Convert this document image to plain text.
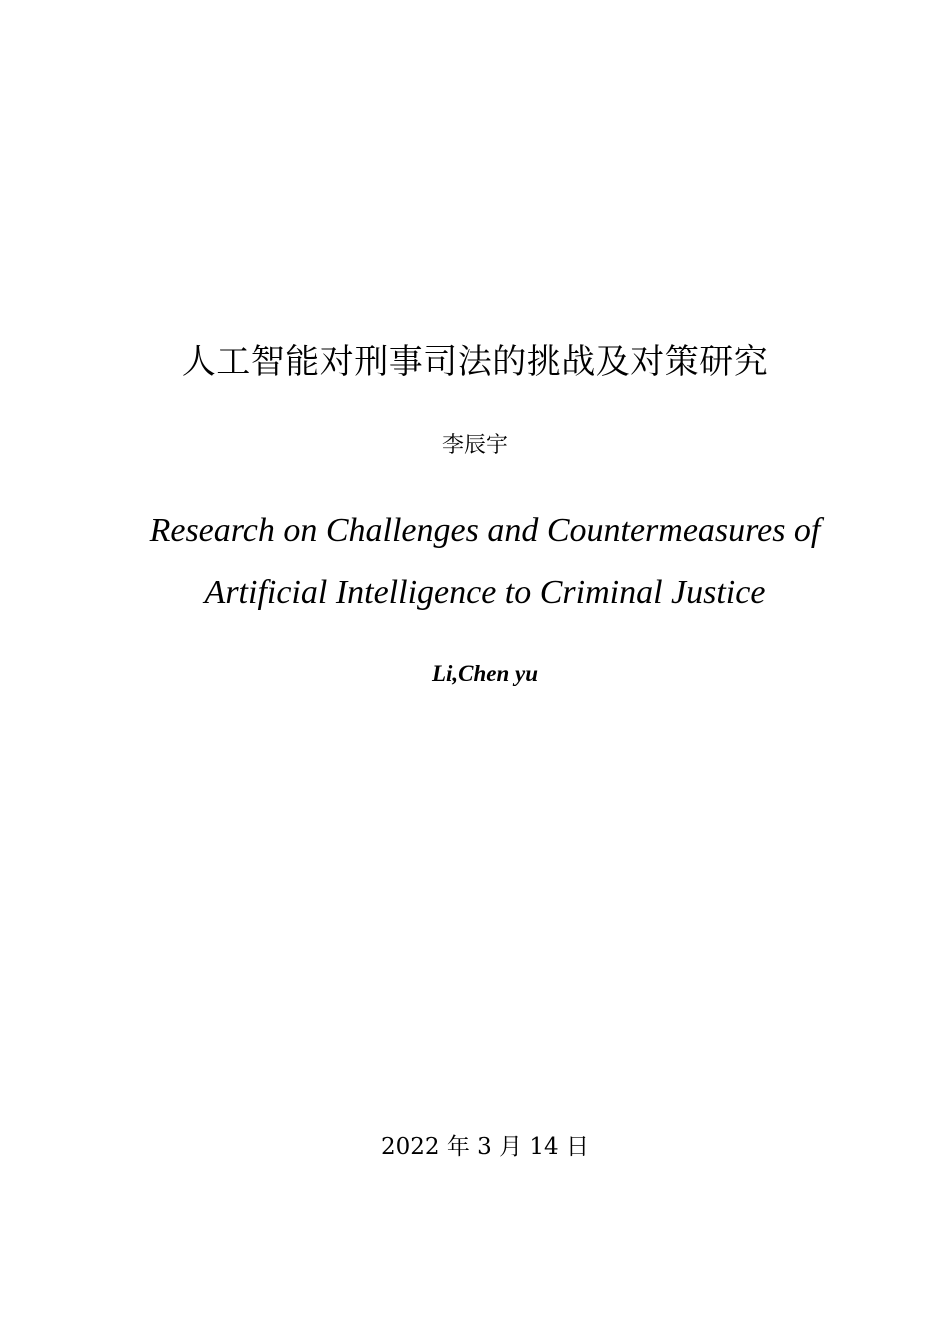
人工智能对刑事司法的挑战及对策研究
李辰宇
Research on Challenges and Countermeasures of
Artificial Intelligence to Criminal Justice
Li,Chen yu
2022 年 3 月 14 日
